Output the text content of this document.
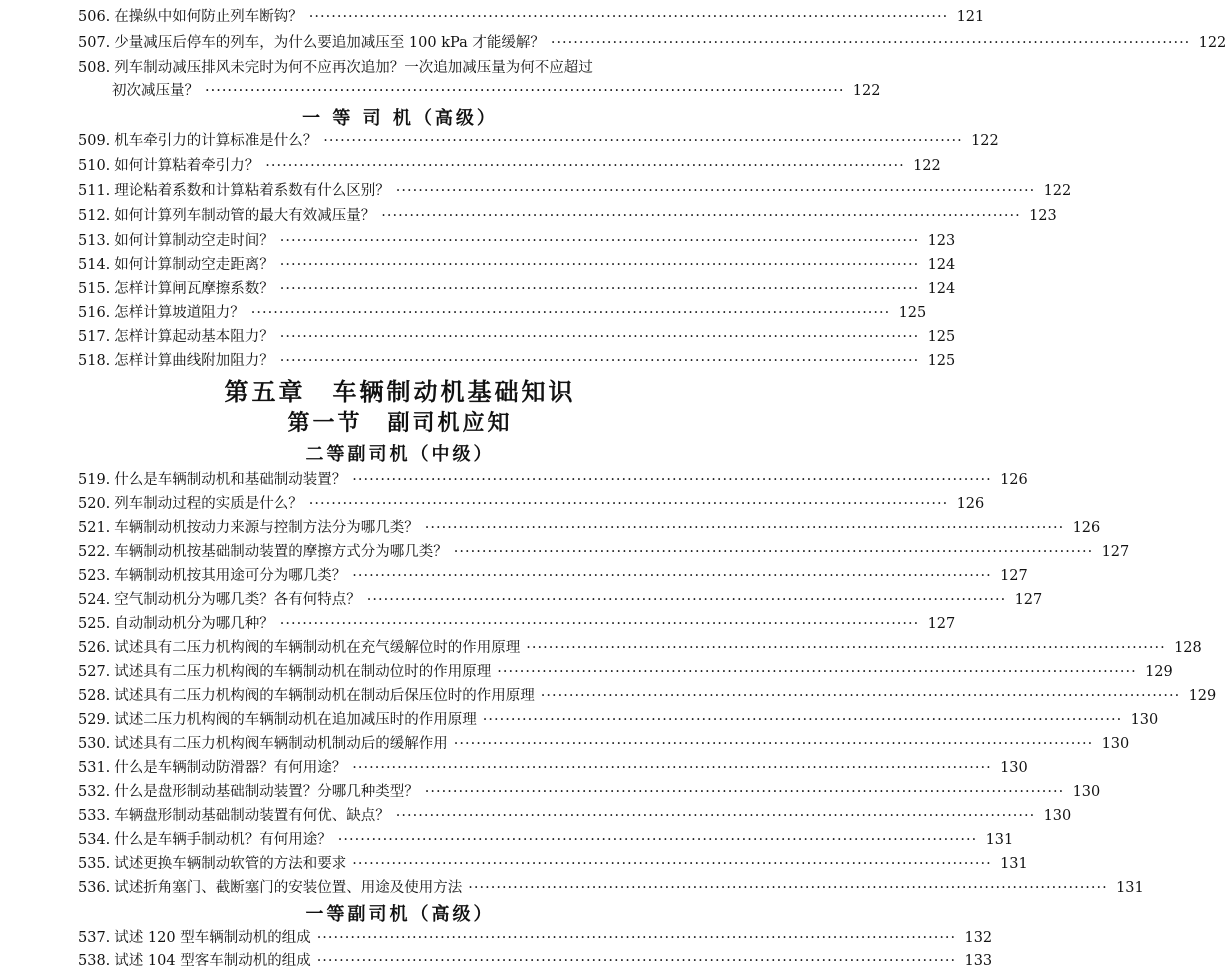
506. 在操纵中如何防止列车断钩？ ·················································································································· 121
507. 少量减压后停车的列车，为什么要追加减压至 100 kPa 才能缓解？ ·················································································································· 122
508. 列车制动减压排风未完时为何不应再次追加？一次追加减压量为何不应超过
初次减压量？ ·················································································································· 122
一 等 司 机（高级）
509. 机车牵引力的计算标准是什么？ ·················································································································· 122
510. 如何计算粘着牵引力？ ·················································································································· 122
511. 理论粘着系数和计算粘着系数有什么区别？ ·················································································································· 122
512. 如何计算列车制动管的最大有效减压量？ ·················································································································· 123
513. 如何计算制动空走时间？ ·················································································································· 123
514. 如何计算制动空走距离？ ·················································································································· 124
515. 怎样计算闸瓦摩擦系数？ ·················································································································· 124
516. 怎样计算坡道阻力？ ·················································································································· 125
517. 怎样计算起动基本阻力？ ·················································································································· 125
518. 怎样计算曲线附加阻力？ ·················································································································· 125
第五章　车辆制动机基础知识
第一节　副司机应知
二等副司机（中级）
519. 什么是车辆制动机和基础制动装置？ ·················································································································· 126
520. 列车制动过程的实质是什么？ ·················································································································· 126
521. 车辆制动机按动力来源与控制方法分为哪几类？ ·················································································································· 126
522. 车辆制动机按基础制动装置的摩擦方式分为哪几类？ ·················································································································· 127
523. 车辆制动机按其用途可分为哪几类？ ·················································································································· 127
524. 空气制动机分为哪几类？各有何特点？ ·················································································································· 127
525. 自动制动机分为哪几种？ ·················································································································· 127
526. 试述具有二压力机构阀的车辆制动机在充气缓解位时的作用原理 ·················································································································· 128
527. 试述具有二压力机构阀的车辆制动机在制动位时的作用原理 ·················································································································· 129
528. 试述具有二压力机构阀的车辆制动机在制动后保压位时的作用原理 ·················································································································· 129
529. 试述二压力机构阀的车辆制动机在追加减压时的作用原理 ·················································································································· 130
530. 试述具有二压力机构阀车辆制动机制动后的缓解作用 ·················································································································· 130
531. 什么是车辆制动防滑器？有何用途？ ·················································································································· 130
532. 什么是盘形制动基础制动装置？分哪几种类型？ ·················································································································· 130
533. 车辆盘形制动基础制动装置有何优、缺点？ ·················································································································· 130
534. 什么是车辆手制动机？有何用途？ ·················································································································· 131
535. 试述更换车辆制动软管的方法和要求 ·················································································································· 131
536. 试述折角塞门、截断塞门的安装位置、用途及使用方法 ·················································································································· 131
一等副司机（高级）
537. 试述 120 型车辆制动机的组成 ·················································································································· 132
538. 试述 104 型客车制动机的组成 ·················································································································· 133
